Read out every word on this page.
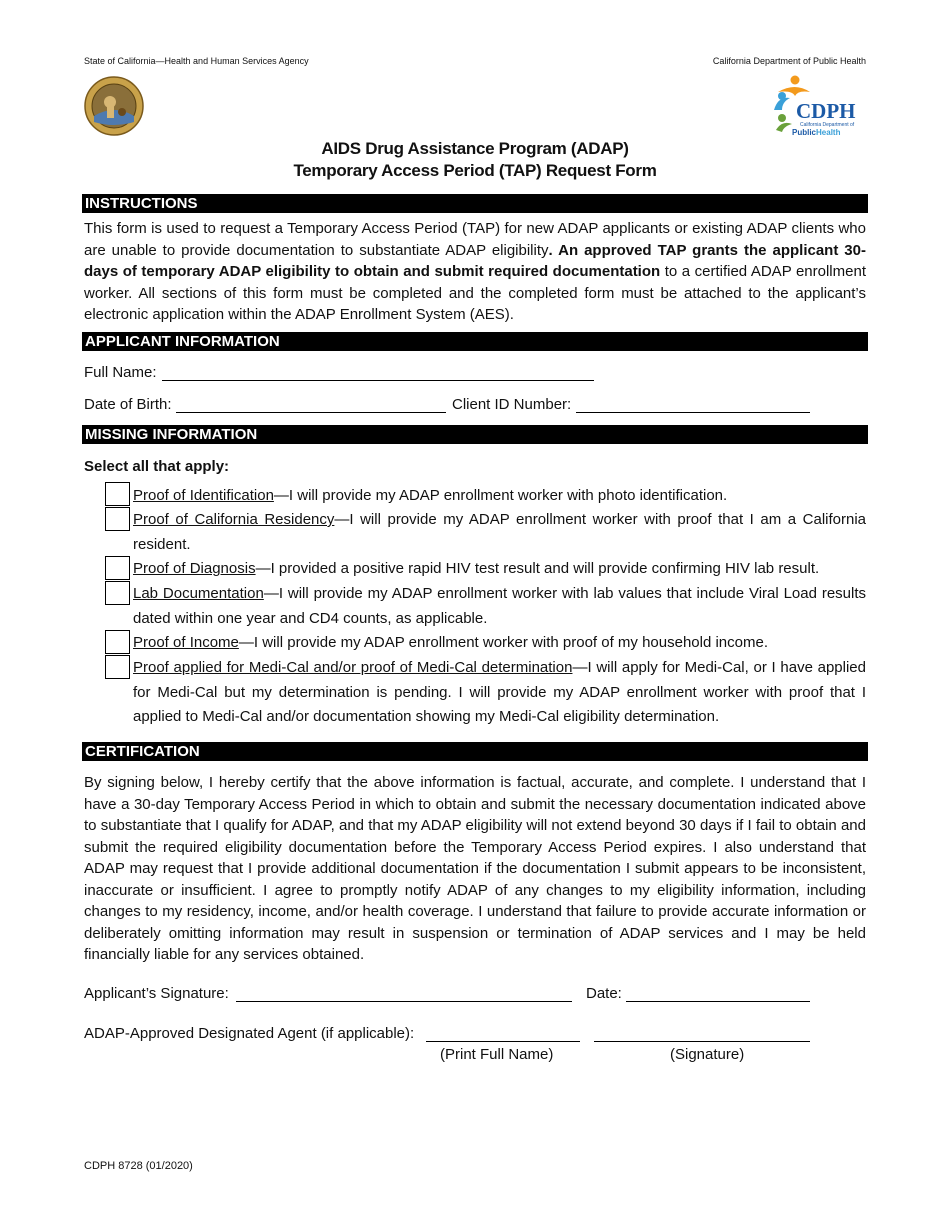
State of California—Health and Human Services Agency	California Department of Public Health
CDPH
California Department of
PublicHealth
AIDS Drug Assistance Program (ADAP)
Temporary Access Period (TAP) Request Form
INSTRUCTIONS
This form is used to request a Temporary Access Period (TAP) for new ADAP applicants or existing ADAP clients who are unable to provide documentation to substantiate ADAP eligibility. An approved TAP grants the applicant 30-days of temporary ADAP eligibility to obtain and submit required documentation to a certified ADAP enrollment worker. All sections of this form must be completed and the completed form must be attached to the applicant’s electronic application within the ADAP Enrollment System (AES).
APPLICANT INFORMATION
Full Name:
Date of Birth:	Client ID Number:
MISSING INFORMATION
Select all that apply:
Proof of Identification—I will provide my ADAP enrollment worker with photo identification.
Proof of California Residency—I will provide my ADAP enrollment worker with proof that I am a California resident.
Proof of Diagnosis—I provided a positive rapid HIV test result and will provide confirming HIV lab result.
Lab Documentation—I will provide my ADAP enrollment worker with lab values that include Viral Load results dated within one year and CD4 counts, as applicable.
Proof of Income—I will provide my ADAP enrollment worker with proof of my household income.
Proof applied for Medi-Cal and/or proof of Medi-Cal determination—I will apply for Medi-Cal, or I have applied for Medi-Cal but my determination is pending. I will provide my ADAP enrollment worker with proof that I applied to Medi-Cal and/or documentation showing my Medi-Cal eligibility determination.
CERTIFICATION
By signing below, I hereby certify that the above information is factual, accurate, and complete. I understand that I have a 30-day Temporary Access Period in which to obtain and submit the necessary documentation indicated above to substantiate that I qualify for ADAP, and that my ADAP eligibility will not extend beyond 30 days if I fail to obtain and submit the required eligibility documentation before the Temporary Access Period expires. I also understand that ADAP may request that I provide additional documentation if the documentation I submit appears to be inconsistent, inaccurate or insufficient. I agree to promptly notify ADAP of any changes to my eligibility information, including changes to my residency, income, and/or health coverage. I understand that failure to provide accurate information or deliberately omitting information may result in suspension or termination of ADAP services and I may be held financially liable for any services obtained.
Applicant’s Signature:	Date:
ADAP-Approved Designated Agent (if applicable):
(Print Full Name)	(Signature)
CDPH 8728 (01/2020)
